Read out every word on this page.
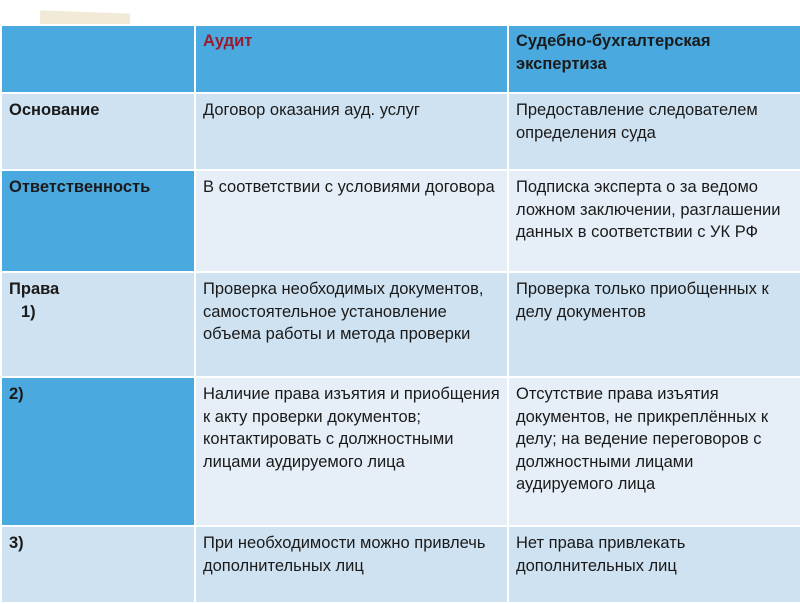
	Аудит	Судебно-бухгалтерская экспертиза
Основание	Договор оказания ауд. услуг	Предоставление следователем определения суда
Ответственность	В соответствии с условиями договора	Подписка эксперта о за ведомо ложном заключении, разглашении данных в соответствии с УК РФ

Права
1)	Проверка необходимых документов, самостоятельное установление объема работы и метода проверки	Проверка только приобщенных к делу документов
2)	Наличие права изъятия и приобщения к акту проверки документов; контактировать с должностными лицами аудируемого лица	Отсутствие права изъятия документов, не прикреплённых к делу; на ведение переговоров с должностными лицами аудируемого лица
3)	При необходимости можно привлечь дополнительных лиц	Нет права привлекать дополнительных лиц
